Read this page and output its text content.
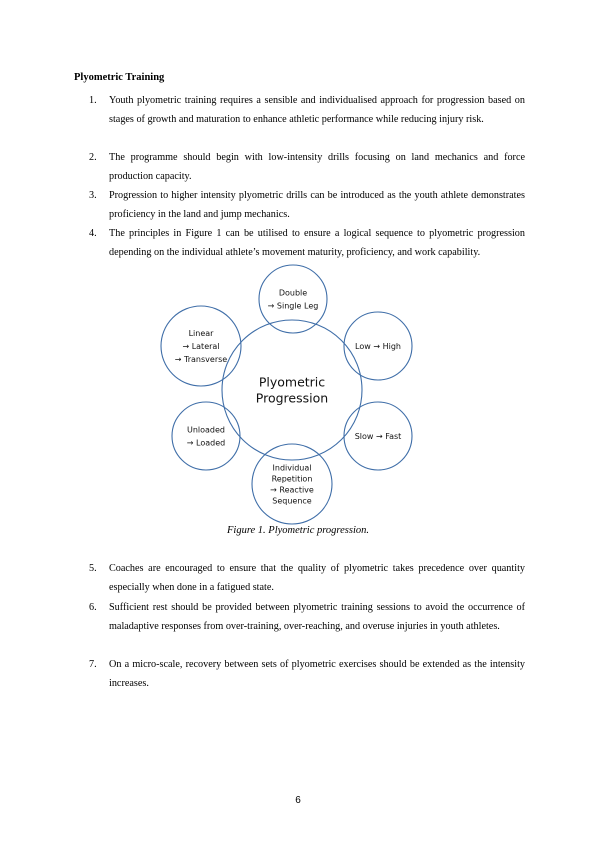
Plyometric Training
1.	Youth plyometric training requires a sensible and individualised approach for progression based on stages of growth and maturation to enhance athletic performance while reducing injury risk.
2.	The programme should begin with low-intensity drills focusing on land mechanics and force production capacity.
3.	Progression to higher intensity plyometric drills can be introduced as the youth athlete demonstrates proficiency in the land and jump mechanics.
4.	The principles in Figure 1 can be utilised to ensure a logical sequence to plyometric progression depending on the individual athlete’s movement maturity, proficiency, and work capability.
Plyometric Progression
Double → Single Leg
Low → High
Slow → Fast
Individual Repetition → Reactive Sequence
Unloaded → Loaded
Linear → Lateral → Transverse
Figure 1. Plyometric progression.
5.	Coaches are encouraged to ensure that the quality of plyometric takes precedence over quantity especially when done in a fatigued state.
6.	Sufficient rest should be provided between plyometric training sessions to avoid the occurrence of maladaptive responses from over-training, over-reaching, and overuse injuries in youth athletes.
7.	On a micro-scale, recovery between sets of plyometric exercises should be extended as the intensity increases.
6
